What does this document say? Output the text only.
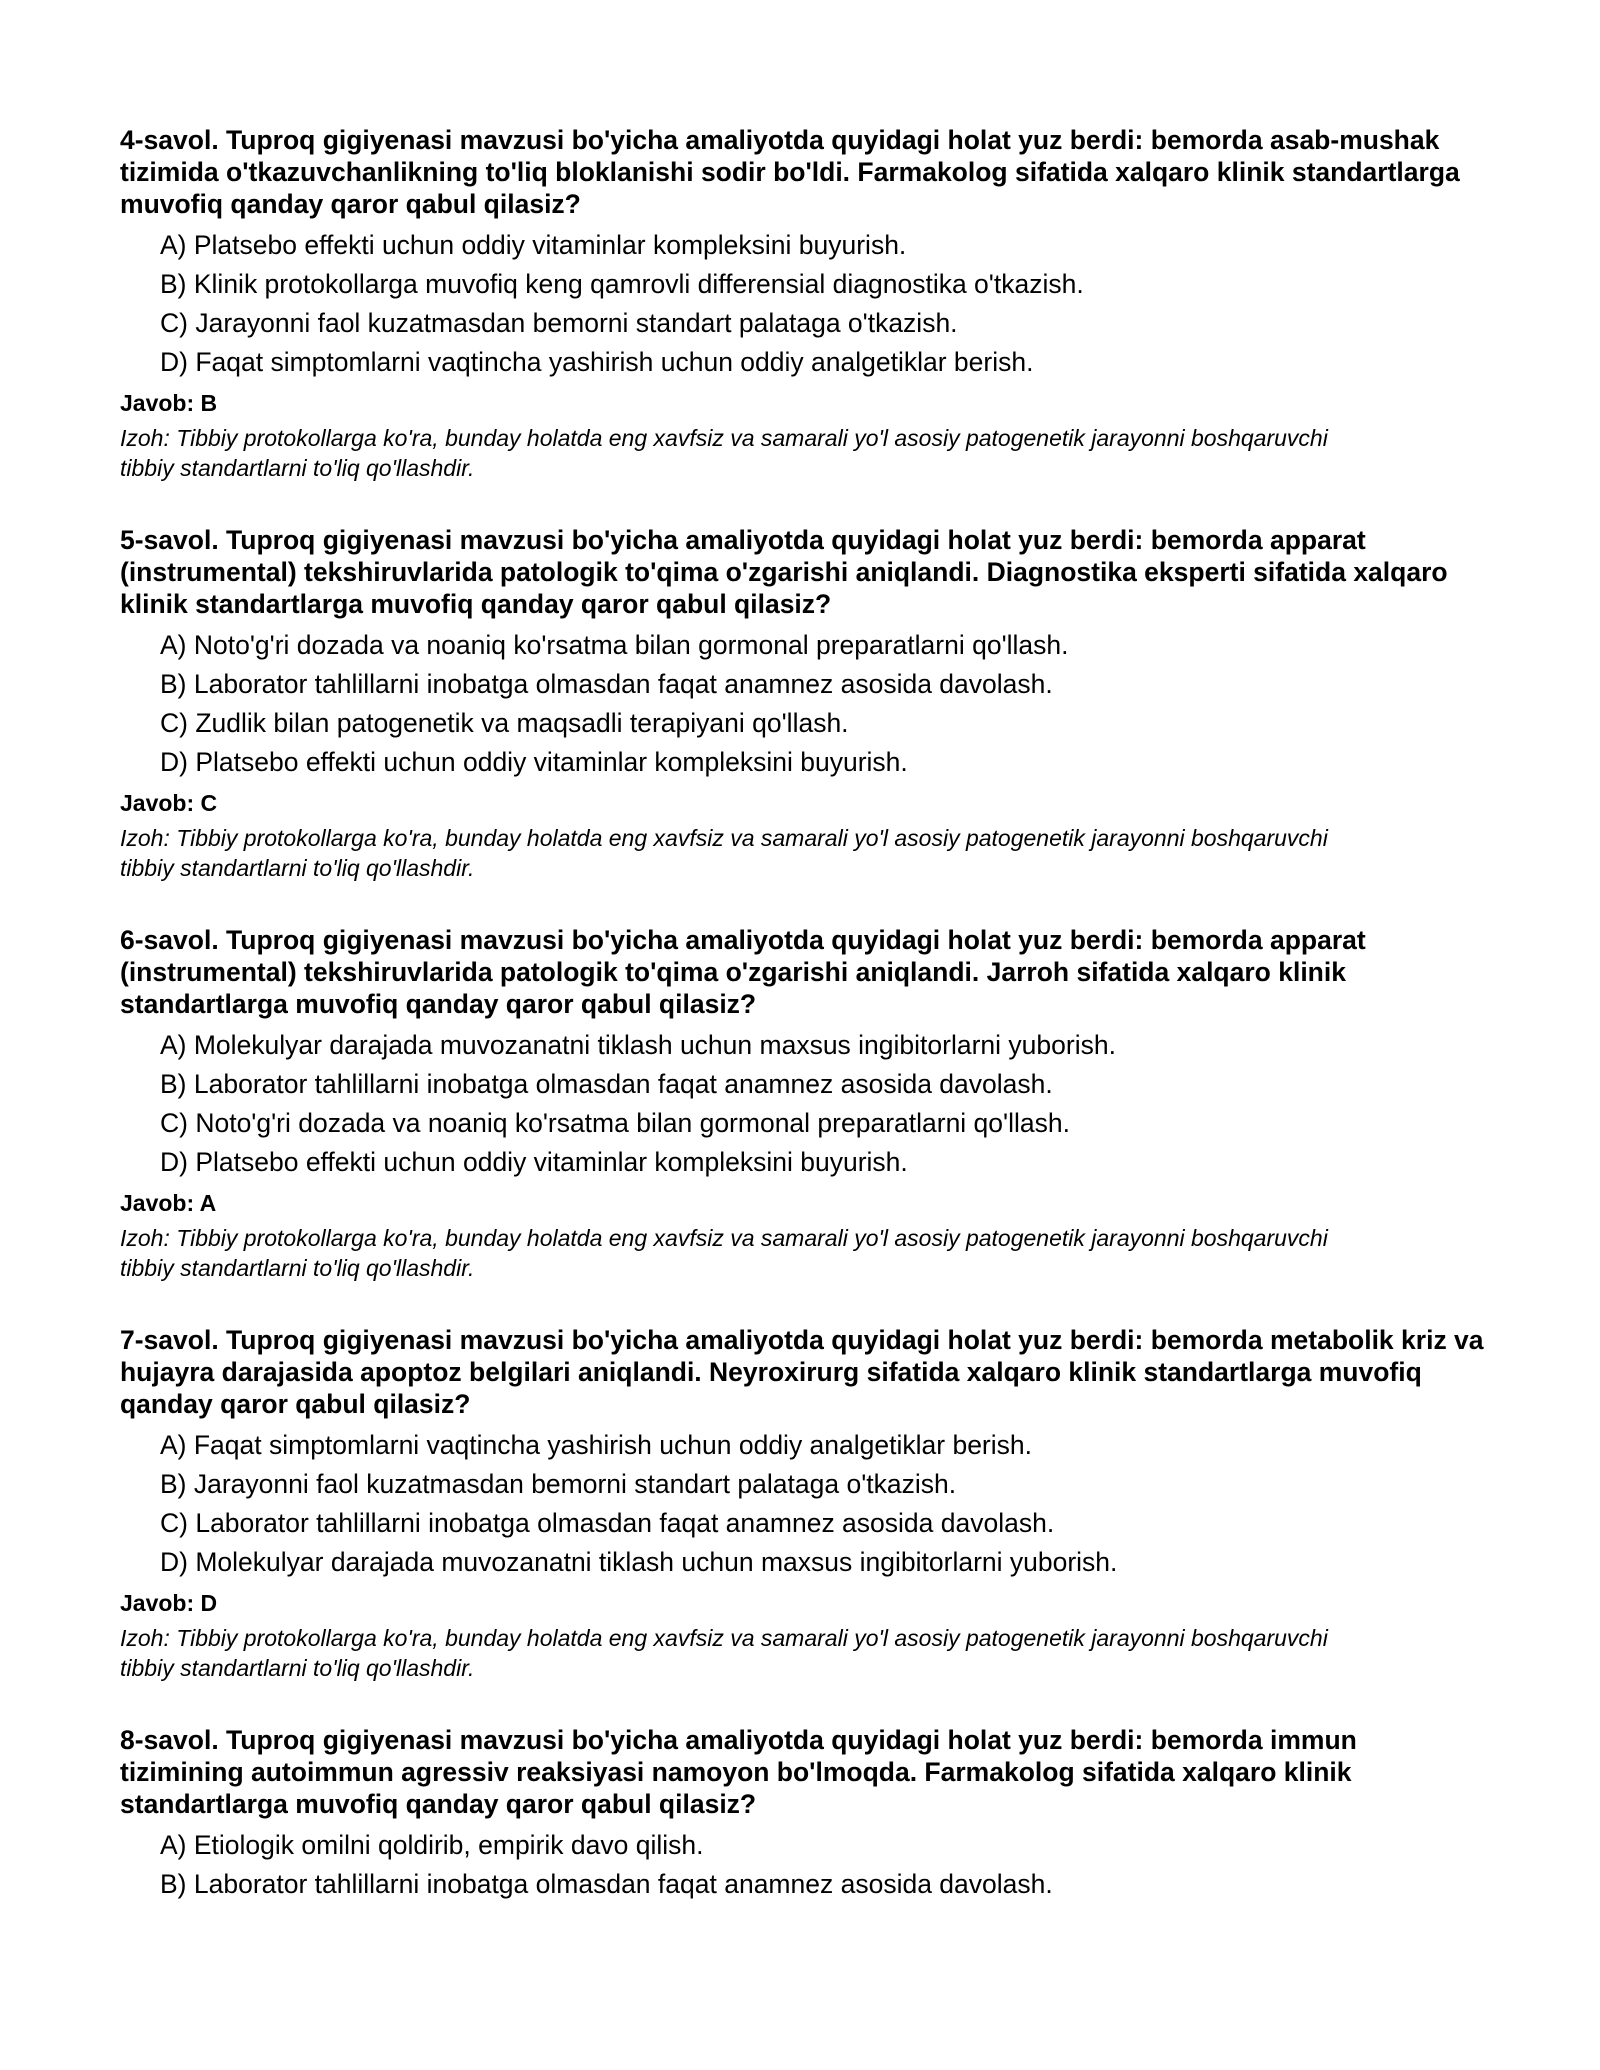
4-savol. Tuproq gigiyenasi mavzusi bo'yicha amaliyotda quyidagi holat yuz berdi: bemorda asab-mushak tizimida o'tkazuvchanlikning to'liq bloklanishi sodir bo'ldi. Farmakolog sifatida xalqaro klinik standartlarga muvofiq qanday qaror qabul qilasiz?

A) Platsebo effekti uchun oddiy vitaminlar kompleksini buyurish.
B) Klinik protokollarga muvofiq keng qamrovli differensial diagnostika o'tkazish.
C) Jarayonni faol kuzatmasdan bemorni standart palataga o'tkazish.
D) Faqat simptomlarni vaqtincha yashirish uchun oddiy analgetiklar berish.

Javob: B

Izoh: Tibbiy protokollarga ko'ra, bunday holatda eng xavfsiz va samarali yo'l asosiy patogenetik jarayonni boshqaruvchi tibbiy standartlarni to'liq qo'llashdir.

5-savol. Tuproq gigiyenasi mavzusi bo'yicha amaliyotda quyidagi holat yuz berdi: bemorda apparat (instrumental) tekshiruvlarida patologik to'qima o'zgarishi aniqlandi. Diagnostika eksperti sifatida xalqaro klinik standartlarga muvofiq qanday qaror qabul qilasiz?

A) Noto'g'ri dozada va noaniq ko'rsatma bilan gormonal preparatlarni qo'llash.
B) Laborator tahlillarni inobatga olmasdan faqat anamnez asosida davolash.
C) Zudlik bilan patogenetik va maqsadli terapiyani qo'llash.
D) Platsebo effekti uchun oddiy vitaminlar kompleksini buyurish.

Javob: C

Izoh: Tibbiy protokollarga ko'ra, bunday holatda eng xavfsiz va samarali yo'l asosiy patogenetik jarayonni boshqaruvchi tibbiy standartlarni to'liq qo'llashdir.

6-savol. Tuproq gigiyenasi mavzusi bo'yicha amaliyotda quyidagi holat yuz berdi: bemorda apparat (instrumental) tekshiruvlarida patologik to'qima o'zgarishi aniqlandi. Jarroh sifatida xalqaro klinik standartlarga muvofiq qanday qaror qabul qilasiz?

A) Molekulyar darajada muvozanatni tiklash uchun maxsus ingibitorlarni yuborish.
B) Laborator tahlillarni inobatga olmasdan faqat anamnez asosida davolash.
C) Noto'g'ri dozada va noaniq ko'rsatma bilan gormonal preparatlarni qo'llash.
D) Platsebo effekti uchun oddiy vitaminlar kompleksini buyurish.

Javob: A

Izoh: Tibbiy protokollarga ko'ra, bunday holatda eng xavfsiz va samarali yo'l asosiy patogenetik jarayonni boshqaruvchi tibbiy standartlarni to'liq qo'llashdir.

7-savol. Tuproq gigiyenasi mavzusi bo'yicha amaliyotda quyidagi holat yuz berdi: bemorda metabolik kriz va hujayra darajasida apoptoz belgilari aniqlandi. Neyroxirurg sifatida xalqaro klinik standartlarga muvofiq qanday qaror qabul qilasiz?

A) Faqat simptomlarni vaqtincha yashirish uchun oddiy analgetiklar berish.
B) Jarayonni faol kuzatmasdan bemorni standart palataga o'tkazish.
C) Laborator tahlillarni inobatga olmasdan faqat anamnez asosida davolash.
D) Molekulyar darajada muvozanatni tiklash uchun maxsus ingibitorlarni yuborish.

Javob: D

Izoh: Tibbiy protokollarga ko'ra, bunday holatda eng xavfsiz va samarali yo'l asosiy patogenetik jarayonni boshqaruvchi tibbiy standartlarni to'liq qo'llashdir.

8-savol. Tuproq gigiyenasi mavzusi bo'yicha amaliyotda quyidagi holat yuz berdi: bemorda immun tizimining autoimmun agressiv reaksiyasi namoyon bo'lmoqda. Farmakolog sifatida xalqaro klinik standartlarga muvofiq qanday qaror qabul qilasiz?

A) Etiologik omilni qoldirib, empirik davo qilish.
B) Laborator tahlillarni inobatga olmasdan faqat anamnez asosida davolash.
